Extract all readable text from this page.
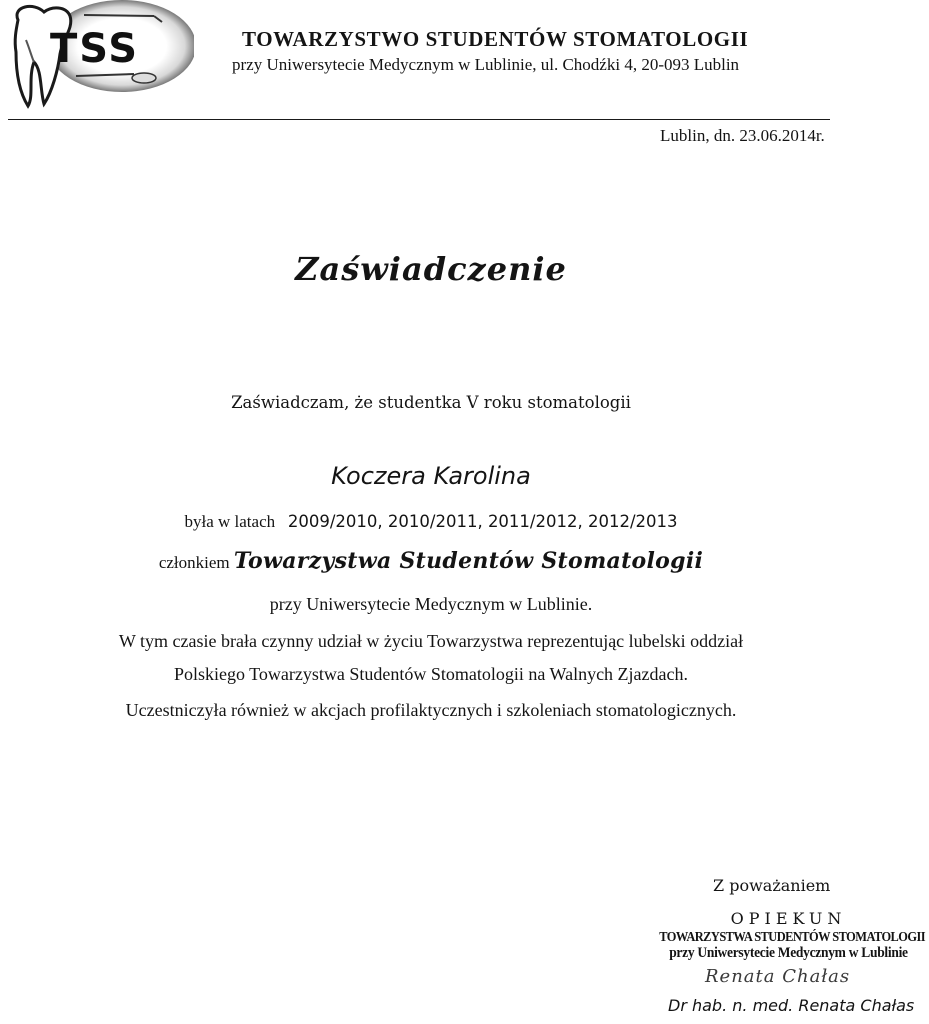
TSS	TOWARZYSTWO STUDENTÓW STOMATOLOGII
przy Uniwersytecie Medycznym w Lublinie, ul. Chodźki 4, 20-093 Lublin
Lublin, dn. 23.06.2014r.
Zaświadczenie
Zaświadczam, że studentka V roku stomatologii
Koczera Karolina
była w latach 2009/2010, 2010/2011, 2011/2012, 2012/2013
członkiem Towarzystwa Studentów Stomatologii
przy Uniwersytecie Medycznym w Lublinie.
W tym czasie brała czynny udział w życiu Towarzystwa reprezentując lubelski oddział
Polskiego Towarzystwa Studentów Stomatologii na Walnych Zjazdach.
Uczestniczyła również w akcjach profilaktycznych i szkoleniach stomatologicznych.
Z poważaniem
OPIEKUN
TOWARZYSTWA STUDENTÓW STOMATOLOGII
przy Uniwersytecie Medycznym w Lublinie
Renata Chałas
Dr hab. n. med. Renata Chałas
